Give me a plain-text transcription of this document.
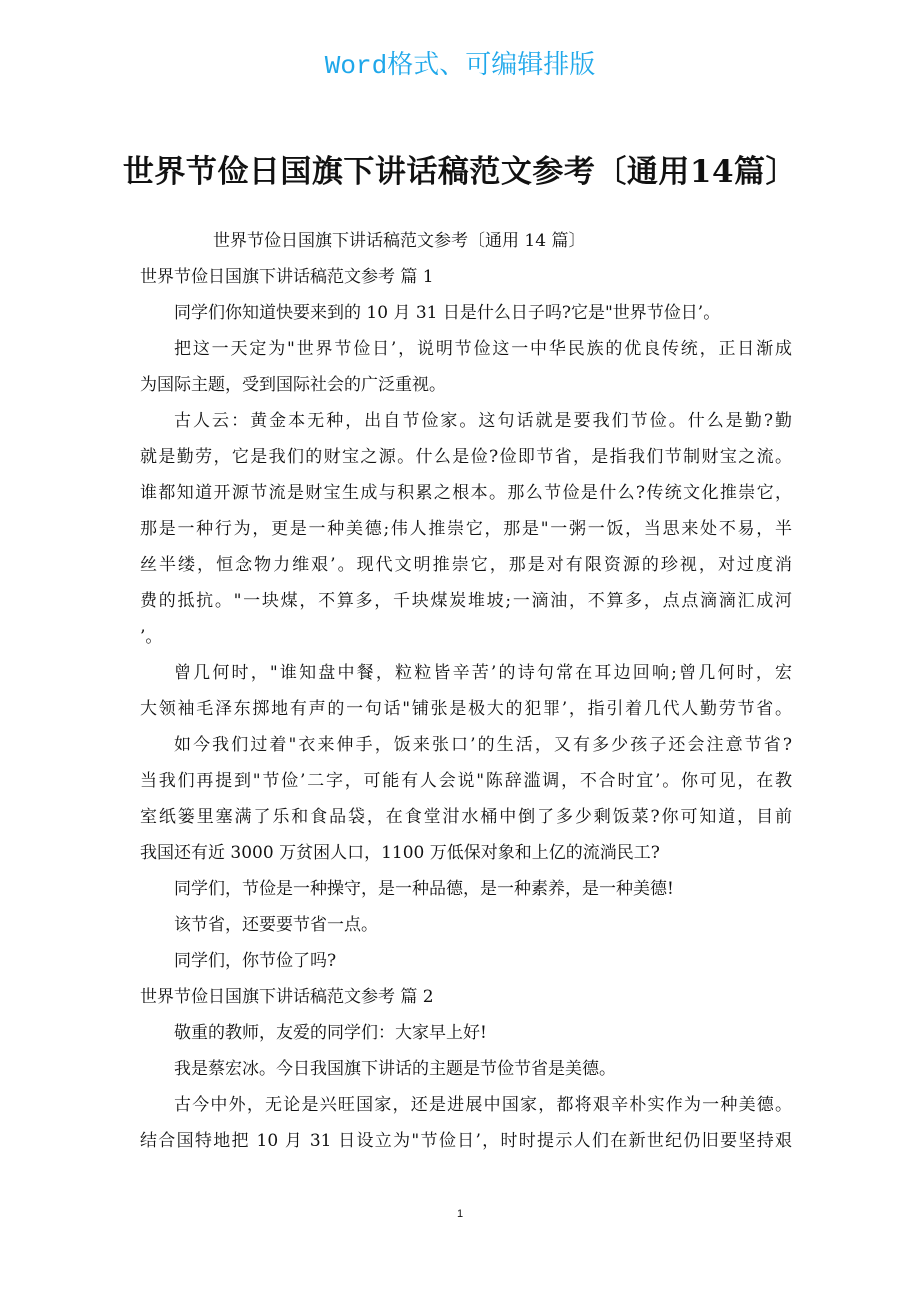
Word格式、可编辑排版
世界节俭日国旗下讲话稿范文参考〔通用14篇〕
世界节俭日国旗下讲话稿范文参考〔通用 14 篇〕
世界节俭日国旗下讲话稿范文参考 篇 1
同学们你知道快要来到的 10 月 31 日是什么日子吗?它是"世界节俭日’。
把这一天定为"世界节俭日’，说明节俭这一中华民族的优良传统，正日渐成
为国际主题，受到国际社会的广泛重视。
古人云：黄金本无种，出自节俭家。这句话就是要我们节俭。什么是勤?勤
就是勤劳，它是我们的财宝之源。什么是俭?俭即节省，是指我们节制财宝之流。
谁都知道开源节流是财宝生成与积累之根本。那么节俭是什么?传统文化推崇它，
那是一种行为，更是一种美德;伟人推崇它，那是"一粥一饭，当思来处不易，半
丝半缕，恒念物力维艰’。现代文明推崇它，那是对有限资源的珍视，对过度消
费的抵抗。"一块煤，不算多，千块煤炭堆坡;一滴油，不算多，点点滴滴汇成河
’。
曾几何时，"谁知盘中餐，粒粒皆辛苦’的诗句常在耳边回响;曾几何时，宏
大领袖毛泽东掷地有声的一句话"铺张是极大的犯罪’，指引着几代人勤劳节省。
如今我们过着"衣来伸手，饭来张口’的生活，又有多少孩子还会注意节省?
当我们再提到"节俭’二字，可能有人会说"陈辞滥调，不合时宜’。你可见，在教
室纸篓里塞满了乐和食品袋，在食堂泔水桶中倒了多少剩饭菜?你可知道，目前
我国还有近 3000 万贫困人口，1100 万低保对象和上亿的流淌民工?
同学们，节俭是一种操守，是一种品德，是一种素养，是一种美德!
该节省，还要要节省一点。
同学们，你节俭了吗?
世界节俭日国旗下讲话稿范文参考 篇 2
敬重的教师，友爱的同学们：大家早上好!
我是蔡宏冰。今日我国旗下讲话的主题是节俭节省是美德。
古今中外，无论是兴旺国家，还是进展中国家，都将艰辛朴实作为一种美德。
结合国特地把 10 月 31 日设立为"节俭日’，时时提示人们在新世纪仍旧要坚持艰
1
